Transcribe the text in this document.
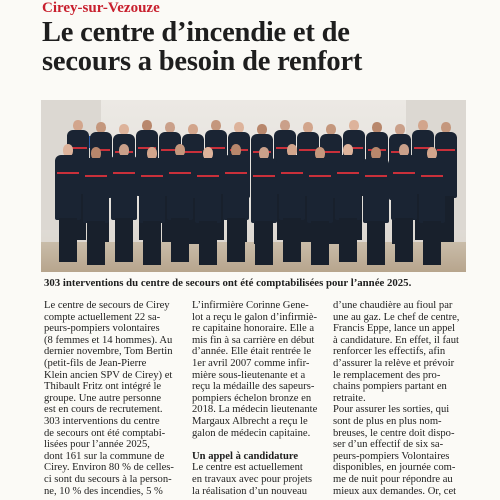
Cirey-sur-Vezouze
Le centre d’incendie et de
secours a besoin de renfort
303 interventions du centre de secours ont été comptabilisées pour l’année 2025.
Le centre de secours de Cirey
compte actuellement 22 sa-
peurs-pompiers volontaires
(8 femmes et 14 hommes). Au
dernier novembre, Tom Bertin
(petit-fils de Jean-Pierre
Klein ancien SPV de Cirey) et
Thibault Fritz ont intégré le
groupe. Une autre personne
est en cours de recrutement.
303 interventions du centre
de secours ont été comptabi-
lisées pour l’année 2025,
dont 161 sur la commune de
Cirey. Environ 80 % de celles-
ci sont du secours à la person-
ne, 10 % des incendies, 5 %
L’infirmière Corinne Gene-
lot a reçu le galon d’infirmiè-
re capitaine honoraire. Elle a
mis fin à sa carrière en début
d’année. Elle était rentrée le
1er avril 2007 comme infir-
mière sous-lieutenante et a
reçu la médaille des sapeurs-
pompiers échelon bronze en
2018. La médecin lieutenante
Margaux Albrecht a reçu le
galon de médecin capitaine.

Un appel à candidature
Le centre est actuellement
en travaux avec pour projets
la réalisation d’un nouveau
d’une chaudière au fioul par
une au gaz. Le chef de centre,
Francis Eppe, lance un appel
à candidature. En effet, il faut
renforcer les effectifs, afin
d’assurer la relève et prévoir
le remplacement des pro-
chains pompiers partant en
retraite.
Pour assurer les sorties, qui
sont de plus en plus nom-
breuses, le centre doit dispo-
ser d’un effectif de six sa-
peurs-pompiers Volontaires
disponibles, en journée com-
me de nuit pour répondre au
mieux aux demandes. Or, cet
